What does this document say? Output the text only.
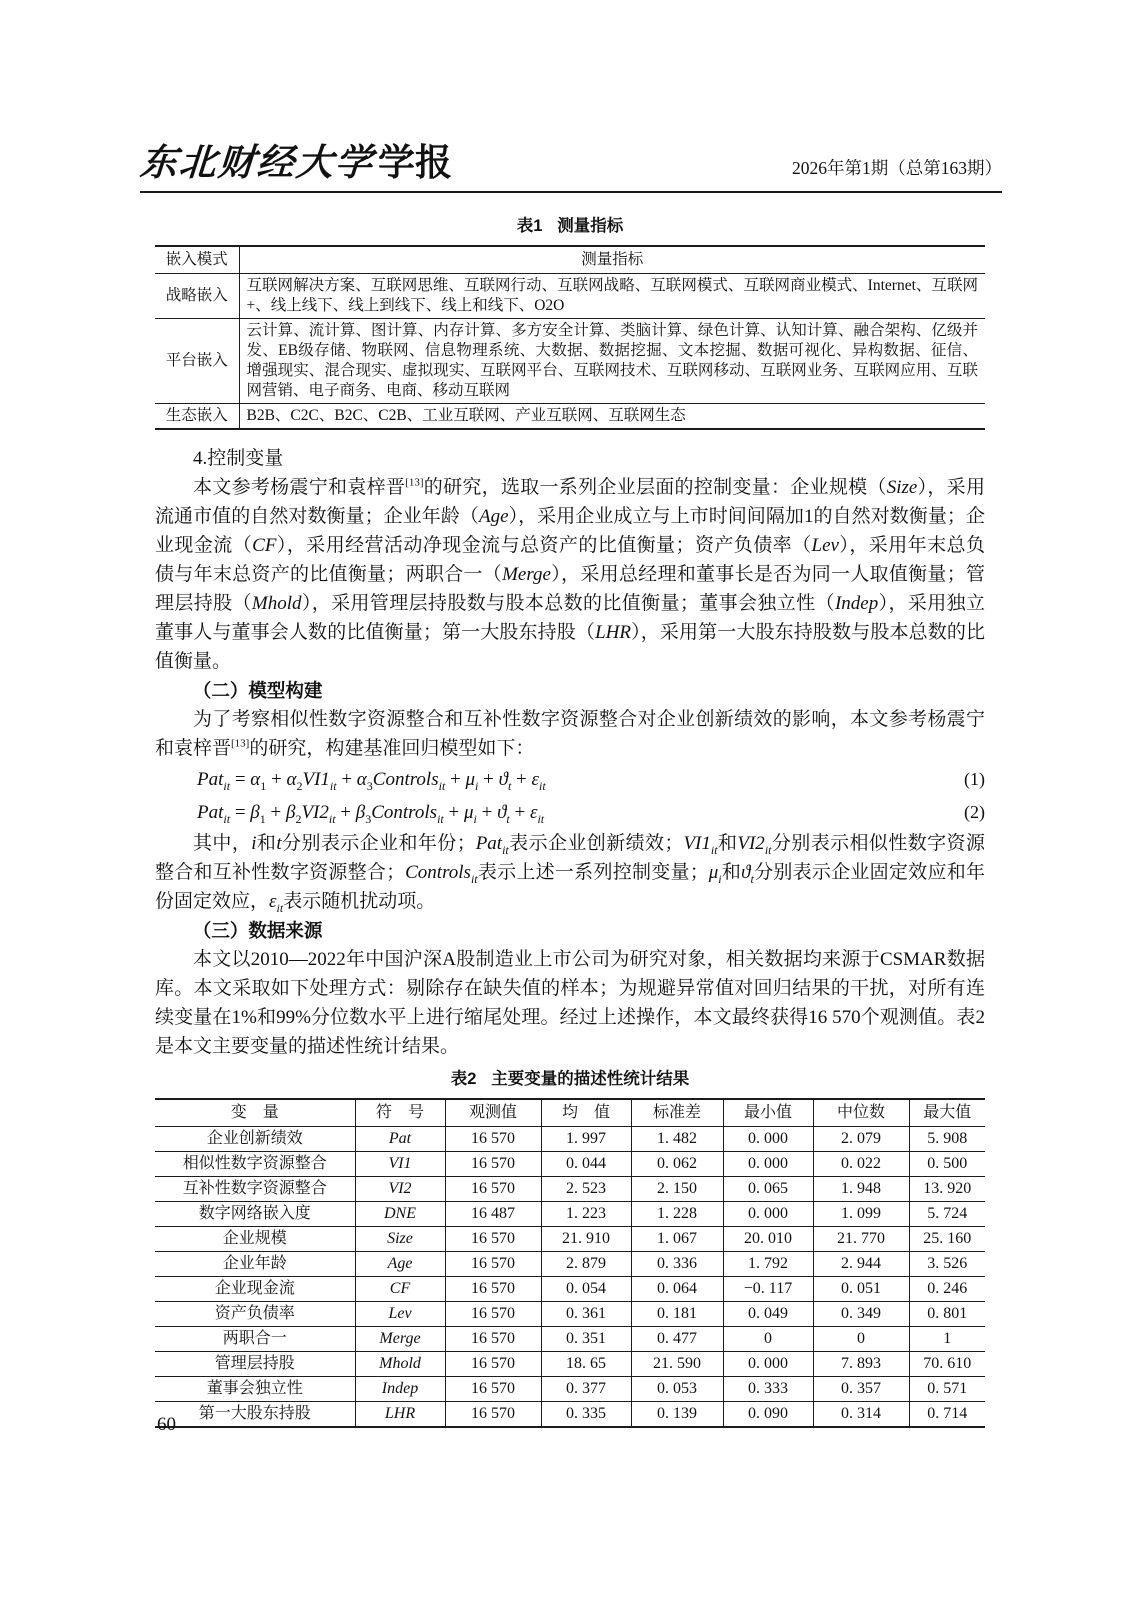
东北财经大学学报	2026年第1期（总第163期）
表1 测量指标
嵌入模式	测量指标
战略嵌入	互联网解决方案、互联网思维、互联网行动、互联网战略、互联网模式、互联网商业模式、Internet、互联网+、线上线下、线上到线下、线上和线下、O2O
平台嵌入	云计算、流计算、图计算、内存计算、多方安全计算、类脑计算、绿色计算、认知计算、融合架构、亿级并发、EB级存储、物联网、信息物理系统、大数据、数据挖掘、文本挖掘、数据可视化、异构数据、征信、增强现实、混合现实、虚拟现实、互联网平台、互联网技术、互联网移动、互联网业务、互联网应用、互联网营销、电子商务、电商、移动互联网
生态嵌入	B2B、C2C、B2C、C2B、工业互联网、产业互联网、互联网生态

4.控制变量

本文参考杨震宁和袁梓晋[13]的研究，选取一系列企业层面的控制变量：企业规模（Size），采用流通市值的自然对数衡量；企业年龄（Age），采用企业成立与上市时间间隔加1的自然对数衡量；企业现金流（CF），采用经营活动净现金流与总资产的比值衡量；资产负债率（Lev），采用年末总负债与年末总资产的比值衡量；两职合一（Merge），采用总经理和董事长是否为同一人取值衡量；管理层持股（Mhold），采用管理层持股数与股本总数的比值衡量；董事会独立性（Indep），采用独立董事人与董事会人数的比值衡量；第一大股东持股（LHR），采用第一大股东持股数与股本总数的比值衡量。

（二）模型构建

为了考察相似性数字资源整合和互补性数字资源整合对企业创新绩效的影响，本文参考杨震宁和袁梓晋[13]的研究，构建基准回归模型如下：

$Pat_{it} = \alpha_1 + \alpha_2VI1_{it}$ + $\alpha_3Controls_{it} + \mu_i + ϑ_t + \varepsilon_{it}$	(1)
$Pat_{it} = \beta_1 + \beta_2VI2_{it}$ + $\beta_3Controls_{it} + \mu_i + ϑ_t + \varepsilon_{it}$	(2)

其中，i和t分别表示企业和年份；Pat$_{it}$表示企业创新绩效；$VI1_{it}$和$VI2_{it}$分别表示相似性数字资源整合和互补性数字资源整合；Controls$_{it}$表示上述一系列控制变量；$\mu_i$和$ϑ_t$分别表示企业固定效应和年份固定效应，$\varepsilon_{it}$表示随机扰动项。

（三）数据来源

本文以2010—2022年中国沪深A股制造业上市公司为研究对象，相关数据均来源于CSMAR数据库。本文采取如下处理方式：剔除存在缺失值的样本；为规避异常值对回归结果的干扰，对所有连续变量在1%和99%分位数水平上进行缩尾处理。经过上述操作，本文最终获得16 570个观测值。表2是本文主要变量的描述性统计结果。

表2 主要变量的描述性统计结果
变　量	符　号	观测值	均　值	标准差	最小值	中位数	最大值
企业创新绩效	Pat	16 570	1. 997	1. 482	0. 000	2. 079	5. 908
相似性数字资源整合	VI1	16 570	0. 044	0. 062	0. 000	0. 022	0. 500
互补性数字资源整合	VI2	16 570	2. 523	2. 150	0. 065	1. 948	13. 920
数字网络嵌入度	DNE	16 487	1. 223	1. 228	0. 000	1. 099	5. 724
企业规模	Size	16 570	21. 910	1. 067	20. 010	21. 770	25. 160
企业年龄	Age	16 570	2. 879	0. 336	1. 792	2. 944	3. 526
企业现金流	CF	16 570	0. 054	0. 064	−0. 117	0. 051	0. 246
资产负债率	Lev	16 570	0. 361	0. 181	0. 049	0. 349	0. 801
两职合一	Merge	16 570	0. 351	0. 477	0	0	1
管理层持股	Mhold	16 570	18. 65	21. 590	0. 000	7. 893	70. 610
董事会独立性	Indep	16 570	0. 377	0. 053	0. 333	0. 357	0. 571
第一大股东持股	LHR	16 570	0. 335	0. 139	0. 090	0. 314	0. 714
60
